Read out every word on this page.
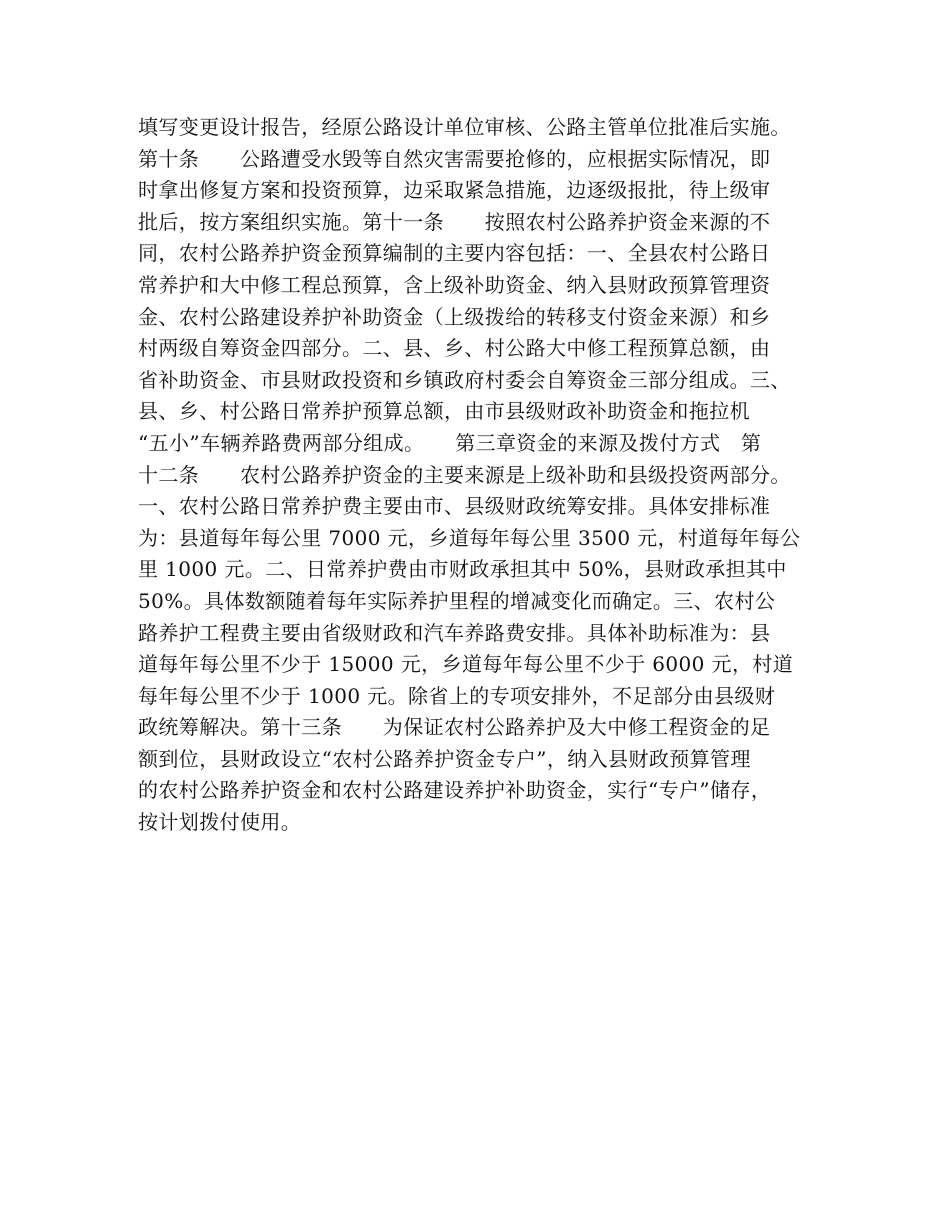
填写变更设计报告，经原公路设计单位审核、公路主管单位批准后实施。
第十条　　公路遭受水毁等自然灾害需要抢修的，应根据实际情况，即
时拿出修复方案和投资预算，边采取紧急措施，边逐级报批，待上级审
批后，按方案组织实施。第十一条　　按照农村公路养护资金来源的不
同，农村公路养护资金预算编制的主要内容包括：一、全县农村公路日
常养护和大中修工程总预算，含上级补助资金、纳入县财政预算管理资
金、农村公路建设养护补助资金（上级拨给的转移支付资金来源）和乡
村两级自筹资金四部分。二、县、乡、村公路大中修工程预算总额，由
省补助资金、市县财政投资和乡镇政府村委会自筹资金三部分组成。三、
县、乡、村公路日常养护预算总额，由市县级财政补助资金和拖拉机
“五小”车辆养路费两部分组成。　　第三章资金的来源及拨付方式　第
十二条　　农村公路养护资金的主要来源是上级补助和县级投资两部分。
一、农村公路日常养护费主要由市、县级财政统筹安排。具体安排标准
为：县道每年每公里 7000 元，乡道每年每公里 3500 元，村道每年每公
里 1000 元。二、日常养护费由市财政承担其中 50%，县财政承担其中
50%。具体数额随着每年实际养护里程的增减变化而确定。三、农村公
路养护工程费主要由省级财政和汽车养路费安排。具体补助标准为：县
道每年每公里不少于 15000 元，乡道每年每公里不少于 6000 元，村道
每年每公里不少于 1000 元。除省上的专项安排外，不足部分由县级财
政统筹解决。第十三条　　为保证农村公路养护及大中修工程资金的足
额到位，县财政设立“农村公路养护资金专户”，纳入县财政预算管理
的农村公路养护资金和农村公路建设养护补助资金，实行“专户”储存，
按计划拨付使用。
